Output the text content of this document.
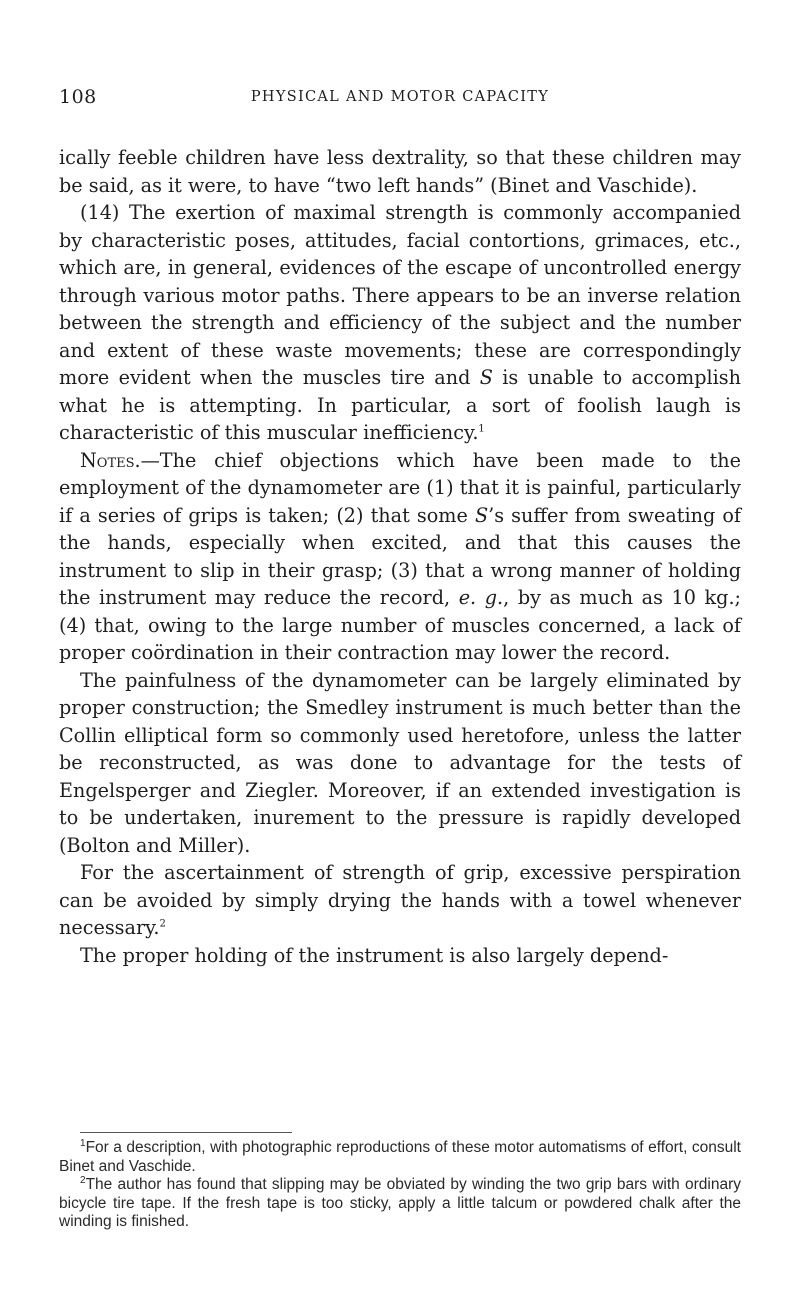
108	PHYSICAL AND MOTOR CAPACITY

ically feeble children have less dextrality, so that these children may be said, as it were, to have “two left hands” (Binet and Vaschide).

(14) The exertion of maximal strength is commonly accompanied by characteristic poses, attitudes, facial contortions, grimaces, etc., which are, in general, evidences of the escape of uncontrolled energy through various motor paths. There appears to be an inverse relation between the strength and efficiency of the subject and the number and extent of these waste movements; these are correspondingly more evident when the muscles tire and S is unable to accomplish what he is attempting. In particular, a sort of foolish laugh is characteristic of this muscular inefficiency.$^1$

Notes.—The chief objections which have been made to the employment of the dynamometer are (1) that it is painful, particularly if a series of grips is taken; (2) that some S’s suffer from sweating of the hands, especially when excited, and that this causes the instrument to slip in their grasp; (3) that a wrong manner of holding the instrument may reduce the record, e. g., by as much as 10 kg.; (4) that, owing to the large number of muscles concerned, a lack of proper coördination in their contraction may lower the record.

The painfulness of the dynamometer can be largely eliminated by proper construction; the Smedley instrument is much better than the Collin elliptical form so commonly used heretofore, unless the latter be reconstructed, as was done to advantage for the tests of Engelsperger and Ziegler. Moreover, if an extended investigation is to be undertaken, inurement to the pressure is rapidly developed (Bolton and Miller).

For the ascertainment of strength of grip, excessive perspiration can be avoided by simply drying the hands with a towel whenever necessary.$^2$

The proper holding of the instrument is also largely depend-

$^1$For a description, with photographic reproductions of these motor automatisms of effort, consult Binet and Vaschide.

$^2$The author has found that slipping may be obviated by winding the two grip bars with ordinary bicycle tire tape. If the fresh tape is too sticky, apply a little talcum or powdered chalk after the winding is finished.
